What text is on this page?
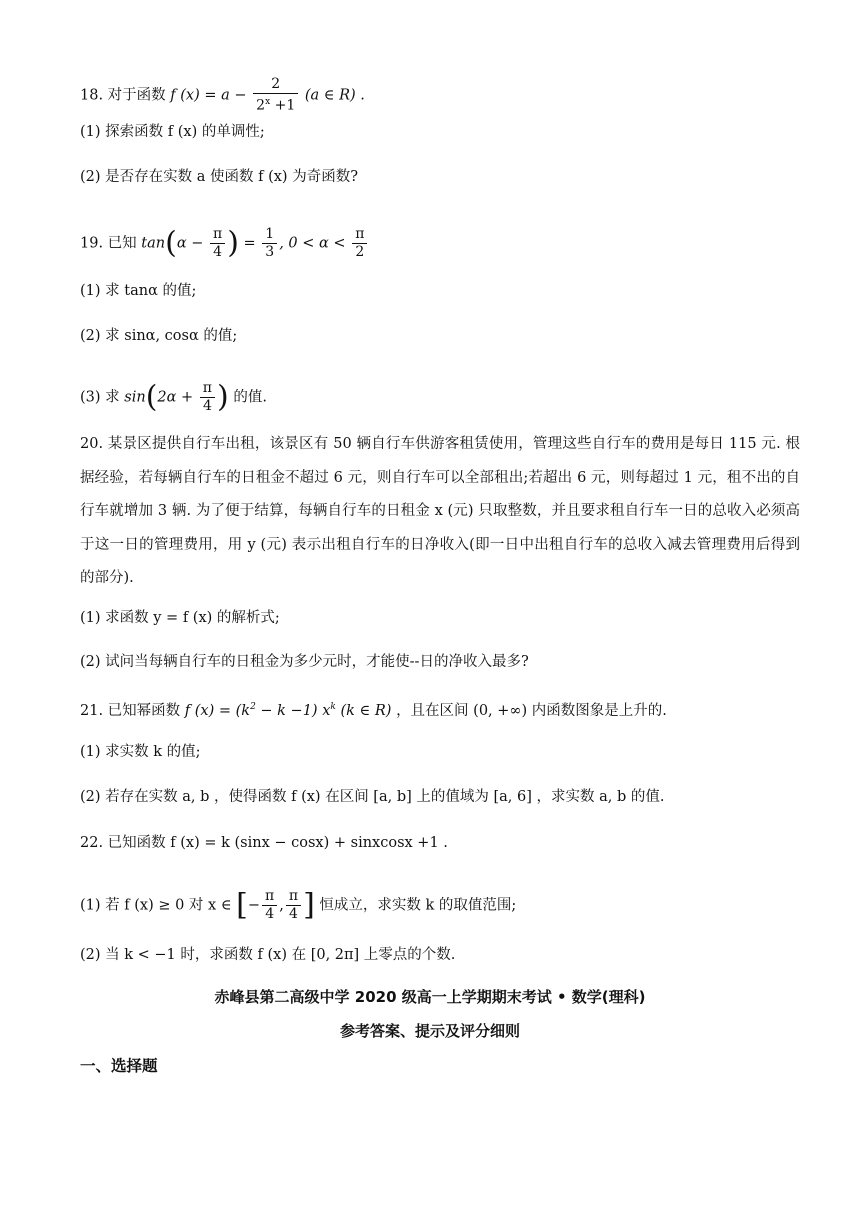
18. 对于函数 f $(x) = a - \frac{2}{2^x +1} (a$ ∈ R) .
(1) 探索函数 f (x) 的单调性;
(2) 是否存在实数 a 使函数 f (x) 为奇函数?
19. 已知 $\tan(\alpha - \frac{\pi}{4}$ ) = $\frac{1}{3}$ , $0 < \alpha < \frac{\pi}{2}$
(1) 求 tanα 的值;
(2) 求 sinα, cosα 的值;
(3) 求 $\sin(2\alpha + \frac{\pi}{4}$ ) 的值.
20. 某景区提供自行车出租，该景区有 50 辆自行车供游客租赁使用，管理这些自行车的费用是每日 115 元. 根据经验，若每辆自行车的日租金不超过 6 元，则自行车可以全部租出;若超出 6 元，则每超过 1 元，租不出的自行车就增加 3 辆. 为了便于结算，每辆自行车的日租金 x (元) 只取整数，并且要求租自行车一日的总收入必须高于这一日的管理费用，用 y (元) 表示出租自行车的日净收入(即一日中出租自行车的总收入减去管理费用后得到的部分).
(1) 求函数 y = f (x) 的解析式;
(2) 试问当每辆自行车的日租金为多少元时，才能使--日的净收入最多?
21. 已知幂函数 f $(x) = (k^2 - k -1)$ $x^k$ (k ∈ R) ，且在区间 (0, +∞) 内函数图象是上升的.
(1) 求实数 k 的值;
(2) 若存在实数 a, b ，使得函数 f (x) 在区间 [a, b] 上的值域为 [a, 6] ，求实数 a, b 的值.
22. 已知函数 f (x) = k (sinx − cosx) + sinxcosx +1 .
(1) 若 f (x) ≥ 0 对 x ∈ [− $\frac{\pi}{4}$ , $\frac{\pi}{4}$ ] 恒成立，求实数 k 的取值范围;
(2) 当 k < −1 时，求函数 f (x) 在 [0, 2π] 上零点的个数.
赤峰县第二高级中学 2020 级高一上学期期末考试 • 数学(理科)
参考答案、提示及评分细则
一、选择题
